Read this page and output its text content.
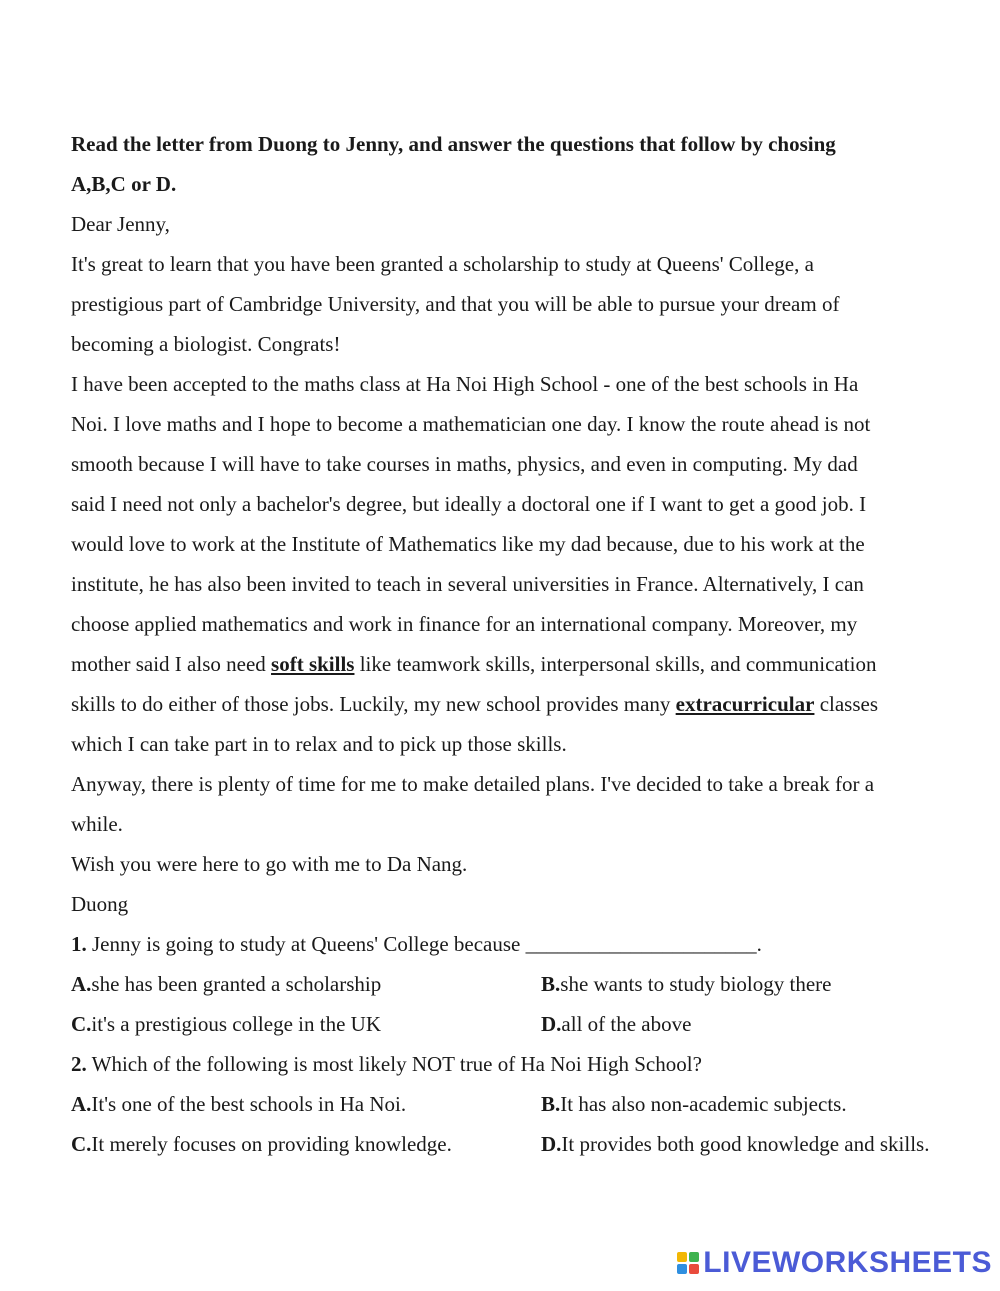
Read the letter from Duong to Jenny, and answer the questions that follow by chosing
A,B,C or D.
Dear Jenny,
It's great to learn that you have been granted a scholarship to study at Queens' College, a
prestigious part of Cambridge University, and that you will be able to pursue your dream of
becoming a biologist. Congrats!
I have been accepted to the maths class at Ha Noi High School - one of the best schools in Ha
Noi. I love maths and I hope to become a mathematician one day. I know the route ahead is not
smooth because I will have to take courses in maths, physics, and even in computing. My dad
said I need not only a bachelor's degree, but ideally a doctoral one if I want to get a good job. I
would love to work at the Institute of Mathematics like my dad because, due to his work at the
institute, he has also been invited to teach in several universities in France. Alternatively, I can
choose applied mathematics and work in finance for an international company. Moreover, my
mother said I also need soft skills like teamwork skills, interpersonal skills, and communication
skills to do either of those jobs. Luckily, my new school provides many extracurricular classes
which I can take part in to relax and to pick up those skills.
Anyway, there is plenty of time for me to make detailed plans. I've decided to take a break for a
while.
Wish you were here to go with me to Da Nang.
Duong
1. Jenny is going to study at Queens' College because ______________________.
A.she has been granted a scholarship	B.she wants to study biology there
C.it's a prestigious college in the UK	D.all of the above
2. Which of the following is most likely NOT true of Ha Noi High School?
A.It's one of the best schools in Ha Noi.	B.It has also non-academic subjects.
C.It merely focuses on providing knowledge.	D.It provides both good knowledge and skills.
LIVEWORKSHEETS
